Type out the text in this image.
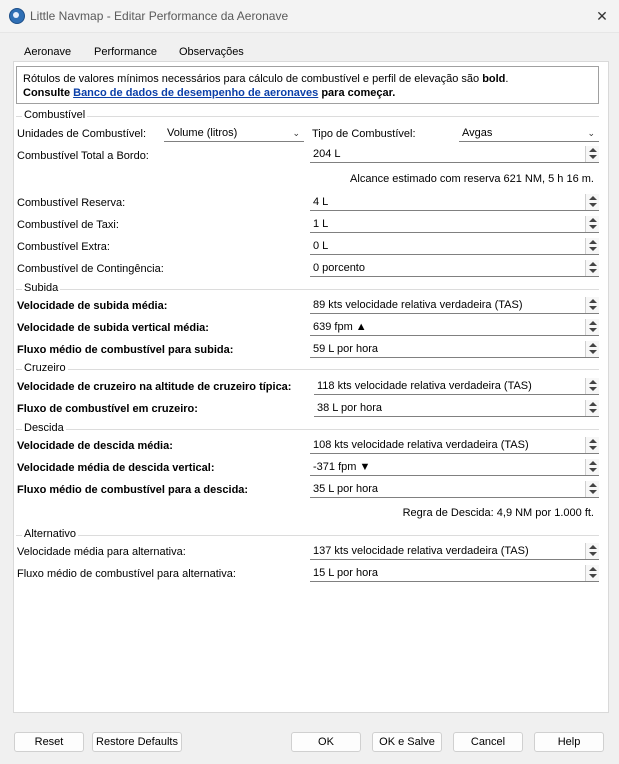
Little Navmap - Editar Performance da Aeronave	✕
Aeronave Performance Observações
Rótulos de valores mínimos necessários para cálculo de combustível e perfil de elevação são bold.
Consulte Banco de dados de desempenho de aeronaves para começar.
Combustível
Unidades de Combustível: Volume (litros)	⌄ Tipo de Combustível:	Avgas	⌄
Combustível Total a Bordo:	204 L
Alcance estimado com reserva 621 NM, 5 h 16 m.
Combustível Reserva:	4 L
Combustível de Taxi:	1 L
Combustível Extra:	0 L
Combustível de Contingência:	0 porcento
Subida
Velocidade de subida média:	89 kts velocidade relativa verdadeira (TAS)
Velocidade de subida vertical média:	639 fpm ▲
Fluxo médio de combustível para subida:	59 L por hora
Cruzeiro
Velocidade de cruzeiro na altitude de cruzeiro típica: 118 kts velocidade relativa verdadeira (TAS)
Fluxo de combustível em cruzeiro:	38 L por hora
Descida
Velocidade de descida média:	108 kts velocidade relativa verdadeira (TAS)
Velocidade média de descida vertical:	-371 fpm ▼
Fluxo médio de combustível para a descida:	35 L por hora
Regra de Descida: 4,9 NM por 1.000 ft.
Alternativo
Velocidade média para alternativa:	137 kts velocidade relativa verdadeira (TAS)
Fluxo médio de combustível para alternativa:	15 L por hora
Reset	Restore Defaults	OK	OK e Salve	Cancel	Help
